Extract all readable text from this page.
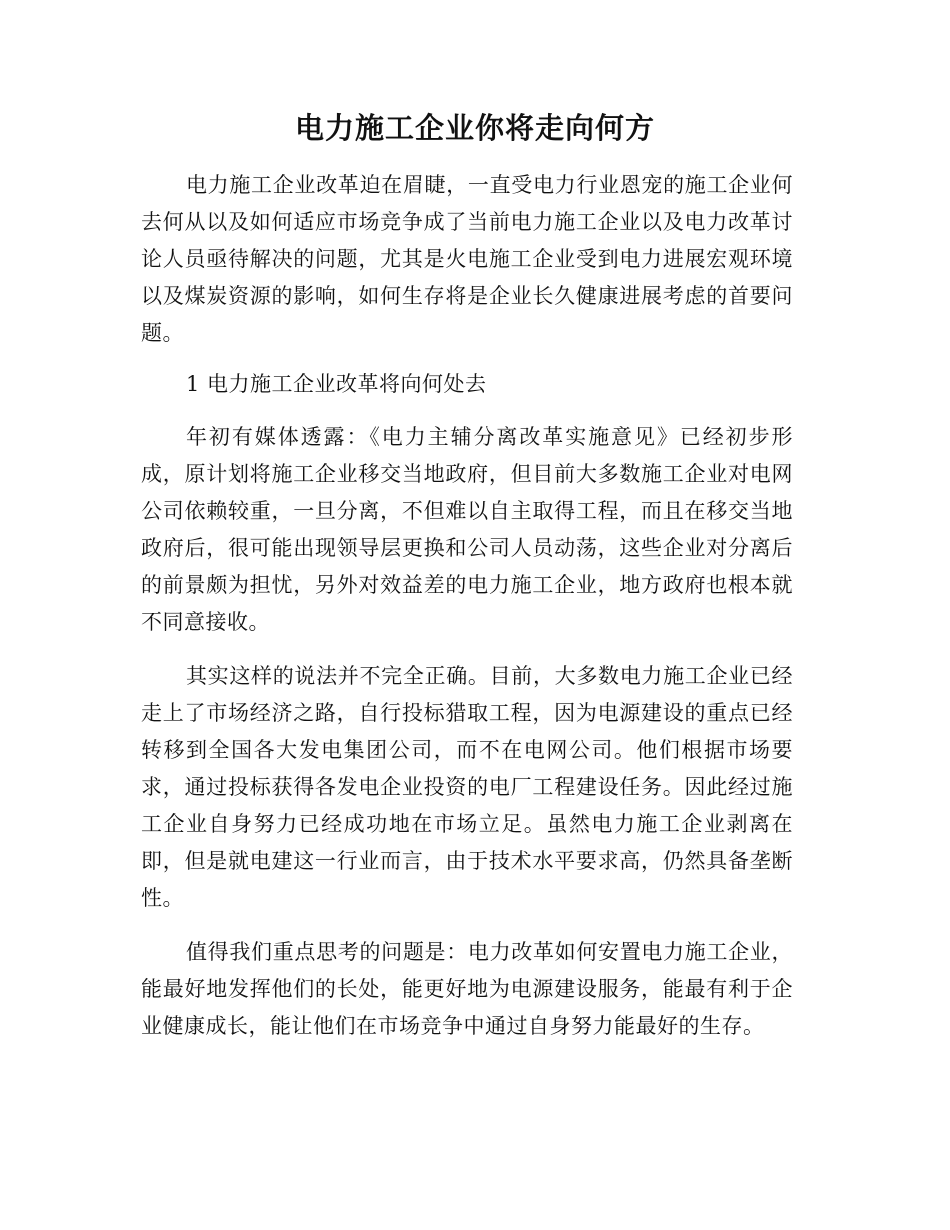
电力施工企业你将走向何方

电力施工企业改革迫在眉睫，一直受电力行业恩宠的施工企业何去何从以及如何适应市场竞争成了当前电力施工企业以及电力改革讨论人员亟待解决的问题，尤其是火电施工企业受到电力进展宏观环境以及煤炭资源的影响，如何生存将是企业长久健康进展考虑的首要问题。

1 电力施工企业改革将向何处去

年初有媒体透露：《电力主辅分离改革实施意见》已经初步形成，原计划将施工企业移交当地政府，但目前大多数施工企业对电网公司依赖较重，一旦分离，不但难以自主取得工程，而且在移交当地政府后，很可能出现领导层更换和公司人员动荡，这些企业对分离后的前景颇为担忧，另外对效益差的电力施工企业，地方政府也根本就不同意接收。

其实这样的说法并不完全正确。目前，大多数电力施工企业已经走上了市场经济之路，自行投标猎取工程，因为电源建设的重点已经转移到全国各大发电集团公司，而不在电网公司。他们根据市场要求，通过投标获得各发电企业投资的电厂工程建设任务。因此经过施工企业自身努力已经成功地在市场立足。虽然电力施工企业剥离在即，但是就电建这一行业而言，由于技术水平要求高，仍然具备垄断性。

值得我们重点思考的问题是：电力改革如何安置电力施工企业，能最好地发挥他们的长处，能更好地为电源建设服务，能最有利于企业健康成长，能让他们在市场竞争中通过自身努力能最好的生存。
